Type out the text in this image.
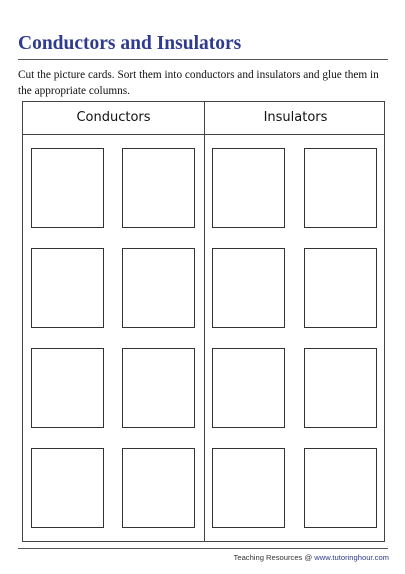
Conductors and Insulators

Cut the picture cards. Sort them into conductors and insulators and glue them in the appropriate columns.

Conductors	Insulators
Teaching Resources @ www.tutoringhour.com
